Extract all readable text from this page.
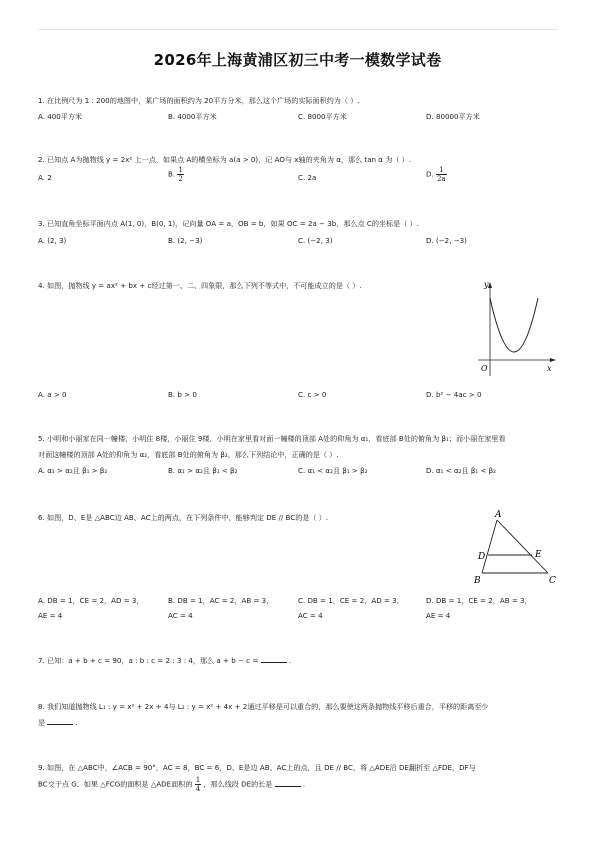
2026年上海黄浦区初三中考一模数学试卷
1. 在比例尺为 1 : 200的地图中，某广场的面积约为 20平方分米，那么这个广场的实际面积约为（ ）.
A. 400平方米	B. 4000平方米	C. 8000平方米	D. 80000平方米
2. 已知点 A为抛物线 y = 2x² 上一点，如果点 A的横坐标为 a(a > 0)，记 AO与 x轴的夹角为 α，那么 tan α 为（ ）.
A. 2	B. $\frac{1}{2}$	C. 2a	D. $\frac{1}{2a}$
3. 已知直角坐标平面内点 A(1, 0)，B(0, 1)，记向量 OA = a，OB = b，如果 OC = 2a − 3b，那么点 C的坐标是（ ）.
A. (2, 3)	B. (2, −3)	C. (−2, 3)	D. (−2, −3)
4. 如图，抛物线 y = ax² + bx + c经过第一、二、四象限，那么下列不等式中，不可能成立的是（ ）.	y
x
O
A. a > 0	B. b > 0	C. c > 0	D. b² − 4ac > 0
5. 小明和小丽家在同一幢楼，小明住 8楼，小丽住 9楼．小明在家里看对面一幢楼的顶部 A处的仰角为 α₁，看底部 B处的俯角为 β₁；而小丽在家里看
对面这幢楼的顶部 A处的仰角为 α₂，看底部 B处的俯角为 β₂，那么下列结论中，正确的是（ ）.
A. α₁ > α₂且 β₁ > β₂	B. α₁ > α₂且 β₁ < β₂	C. α₁ < α₂且 β₁ > β₂	D. α₁ < α₂且 β₁ < β₂
6. 如图，D、E是 △ABC边 AB、AC上的两点，在下列条件中，能够判定 DE // BC的是（ ）.	A
B	C
D	E
A. DB = 1，CE = 2，AD = 3，AE = 4
B. DB = 1，AC = 2，AB = 3，AC = 4
C. DB = 1，CE = 2，AD = 3，AC = 4
D. DB = 1，CE = 2，AB = 3，AE = 4
7. 已知：a + b + c = 90，a : b : c = 2 : 3 : 4，那么 a + b − c =	.
8. 我们知道抛物线 L₁ : y = x² + 2x + 4与 L₂ : y = x² + 4x + 2通过平移是可以重合的，那么要使这两条抛物线平移后重合，平移的距离至少
是	.
9. 如图，在 △ABC中，∠ACB = 90°，AC = 8，BC = 6，D、E是边 AB、AC上的点，且 DE // BC，将 △ADE沿 DE翻折至 △FDE，DF与
BC交于点 G．如果 △FCG的面积是 △ADE面积的 $\frac{1}{4}$ ，那么线段 DE的长是	.
